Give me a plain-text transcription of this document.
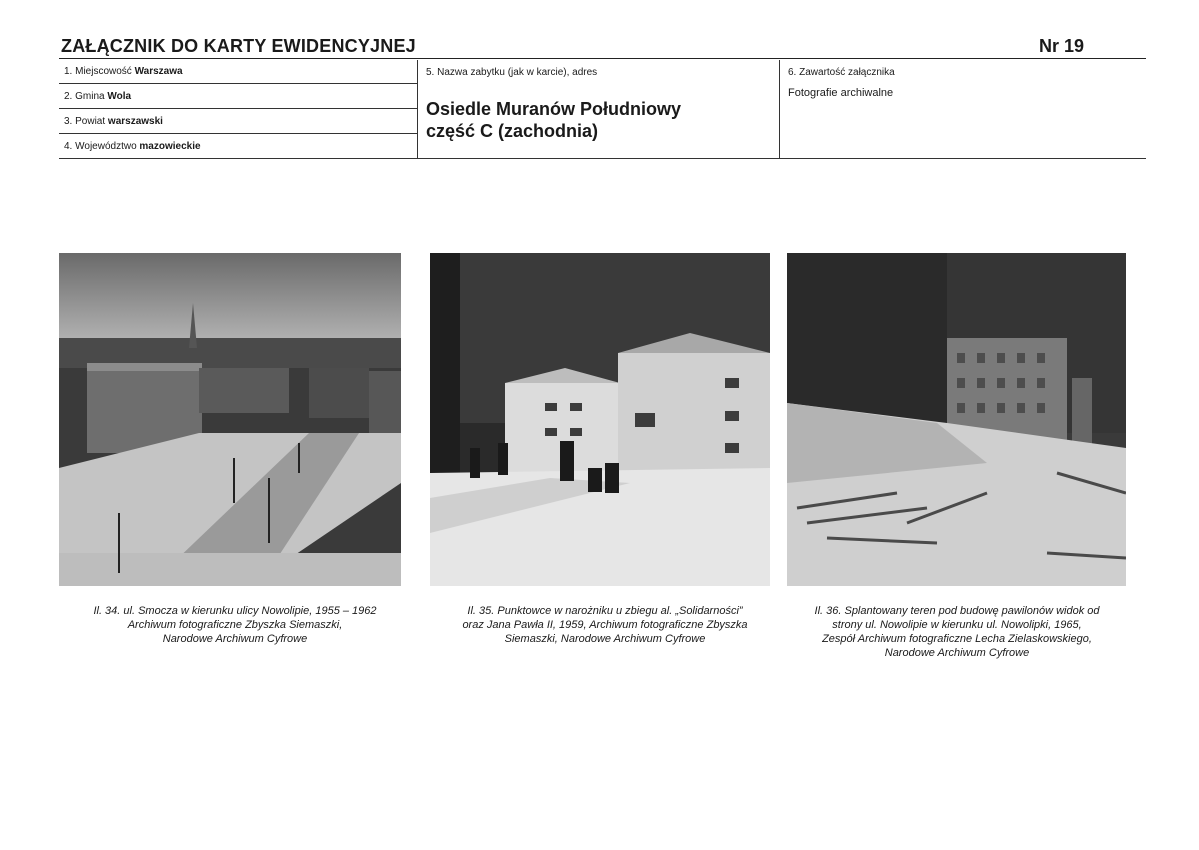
ZAŁĄCZNIK DO KARTY EWIDENCYJNEJ	Nr 19
1. Miejscowość Warszawa
2. Gmina Wola
3. Powiat warszawski
4. Województwo mazowieckie
5. Nazwa zabytku (jak w karcie), adres
Osiedle Muranów Południowy
część C (zachodnia)
6. Zawartość załącznika
Fotografie archiwalne
Il. 34. ul. Smocza w kierunku ulicy Nowolipie, 1955 – 1962
Archiwum fotograficzne Zbyszka Siemaszki,
Narodowe Archiwum Cyfrowe
Il. 35. Punktowce w narożniku u zbiegu al. „Solidarności”
oraz Jana Pawła II, 1959, Archiwum fotograficzne Zbyszka
Siemaszki, Narodowe Archiwum Cyfrowe
Il. 36. Splantowany teren pod budowę pawilonów widok od
strony ul. Nowolipie w kierunku ul. Nowolipki, 1965,
Zespół Archiwum fotograficzne Lecha Zielaskowskiego,
Narodowe Archiwum Cyfrowe
